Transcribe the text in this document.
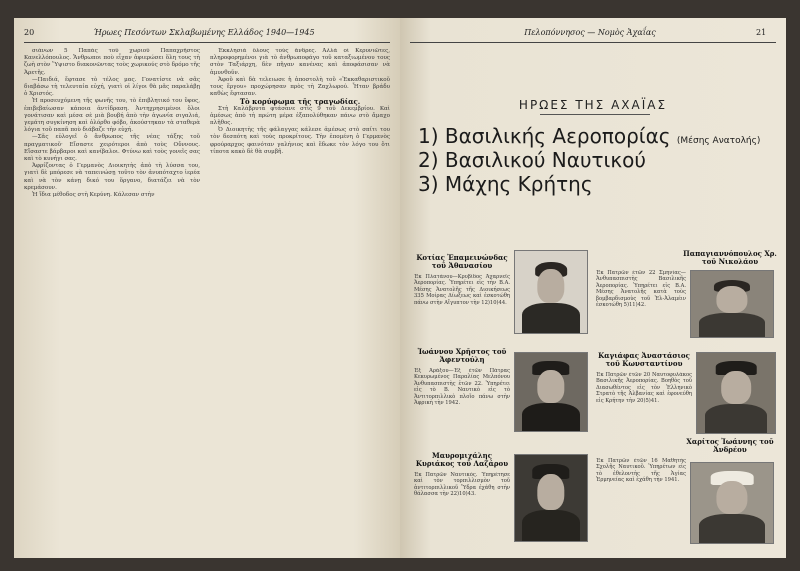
20	Ήρωες Πεσόντων Σκλαβωμένης Ελλάδος 1940—1945

σιάνων 5 Παπάς τοῦ χωριοῦ Παπαχρῆστος Κανελλόπουλος. Ἄνθρωποι ποὺ εἶχαν ἀφιερώσει ὅλη τους τὴ ζωὴ στὸν Ὕψιστο διακονῶντας τοὺς χωρικούς στὸ δρόμο τῆς Ἀρετῆς.

—Παιδιά, ἔφτασε τὸ τέλος μας. Γονατίστε νὰ σᾶς διαβάσω τὴ τελευταία εὐχή, γιατὶ οἱ λίγοι θὰ μᾶς παραλάβῃ ὁ Χριστός.

Ἡ προσευχόμενη τῆς φωνῆς του, τὸ ἐπιβλητικό του ὕφος, ἐπιβεβαίωσαν κάποια ἀντίδραση. Ἀντηχρησιμένοι ὅλοι γονάτισαν καὶ μέσα σὲ μιὰ βουβή ἀπὸ τὴν ἀγωνία σιγαλιά, γεμάτη συγκίνηση καὶ ὁλόρθο φόβο, ἀκούστηκαν τὰ σταθερὰ λόγια τοῦ παπᾶ ποὺ διάβαζε τὴν εὐχή.

—Σᾶς εὐλογεῖ ὁ ἄνθρωπος τῆς νέας τάξης τοῦ πραγματικοῦ· Εἴσαστε χειρότεροι ἀπὸ τοὺς Οὔννους. Εἴσαστε βάρβαροι καὶ κανίβαλοι. Φτύνω καὶ τοὺς γονεῖς σας καὶ τὸ κυνήγι σας.

Ἀφρίζοντας ὁ Γερμανὸς Διοικητὴς ἀπὸ τὴ λύσσα του, γιατὶ δὲ μπόρεσε νὰ ταπεινώσῃ τοῦτο τὸν ἀνυπόταχτο ἱερέα καὶ νὰ τὸν κάνῃ δικό του ὅργανο, διατάζει νὰ τὸν κρεμάσουν.

Ἡ ἴδια μέθοδος στὴ Κερύνη. Κάλεσαν στὴν

Ἐκκλησιὰ ὅλους τοὺς ἄνδρες. Ἀλλὰ οἱ Κερυνιῶτες, πληροφορημένοι γιὰ τὸ ἀνθρωποφάγο τοῦ καταξιωμένου τους στὸν Ταξιάρχη, δὲν πῆγαν κανένας καὶ ἀποφάσισαν νὰ ἀμυνθοῦν.

Ἀφοῦ καὶ δὰ τελειωσε ἡ ἀποστολὴ τοῦ «Ἐκκαθαριστικοῦ τους ἔργου» προχώρησαν πρὸς τὴ Ζαχλωρού. Ἦταν βράδυ καθὼς ἔφτασαν.

Τὸ κορύφωμα τῆς τραγωδίας.

Στὴ Καλάβρυτα φτάσανε στὶς 9 τοῦ Δεκεμβρίου. Καὶ ἀμέσως ἀπὸ τὴ πρώτη μέρα ἐξαπολύθηκαν πάνω στὸ ἄμαχο πλῆθος.

Ὁ Διοικητὴς τῆς φάλαγγας κάλεσε ἀμέσως στὸ σπίτι του τὸν δεσπότη καὶ τοὺς προκρίτους. Τὴν ἐπομένη ὁ Γερμανὸς φρούραρχος φαινόταν γαλήνιος καὶ ἔδωκε τὸν λόγο του ὅτι τίποτα κακὸ δὲ θὰ συμβῆ.

Πελοπόννησος — Νομὸς Ἀχαΐας	21
ΗΡΩΕΣ ΤΗΣ ΑΧΑΪΑΣ
1) Βασιλικής Αεροπορίας (Μέσης Ανατολής)
2) Βασιλικού Ναυτικού
3) Μάχης Κρήτης
Κοτίας Ἐπαμεινώνδας τοῦ Ἀθανασίου
Ἐκ Πλατάνου—Κρυβίδος Ἀχαρνεῖς Ἀεροπορίας. Ὑπηρέτει εἰς τὴν Β.Α. Μέσης Ἀνατολῆς τῆς Διοικήσεως 335 Μοίρας Δίωξεως καὶ ἐσκοτώθη πάνω στὴν Αἴγυπτον τὴν 12)10)44.
Παπαγιαννόπουλος Χρ. τοῦ Νικολάου
Ἐκ Πατρῶν ἐτῶν 22 Σμηνίας—Ἀνθυπασπιστὴς Βασιλικῆς Ἀεροπορίας. Ὑπηρέτει εἰς Β.Α. Μέσης Ἀνατολῆς κατὰ τοὺς βομβαρδισμοὺς τοῦ Ἐλ-Ἀλαμέιν ἐσκοτώθη 5)11)42.
Ἰωάννου Χρῆστος τοῦ Ἀφεντούλη
Ἐξ Ἀράξου—Ἐξ ἐτῶν Πάτρας Κεκυρωμένος Παραλίας Μελπόνου Ἀνθυπασπιστὴς ἐτῶν 22. Ὑπηρέτει εἰς τὸ Β. Ναυτικὸ εἰς τὸ Ἀντιτορπιλλικὸ πλοῖο πάνω στὴν Ἀφρικὴ τὴν 1942.
Καγιάφας Ἀναστάσιος τοῦ Κωνσταντίνου
Ἐκ Πατρῶν ἐτῶν 20 Ναυτοφυλάκος Βασιλικῆς Ἀεροπορίας. Βοηθὸς τοῦ Διασωθέντος εἰς τὸν Ἑλληνικὸ Στρατὸ τῆς Ἀλβανίας καὶ ἐφονεύθη εἰς Κρήτην τὴν 20)5)41.
Μαυρομιχάλης Κυριάκος τοῦ Λαζάρου
Ἐκ Πατρῶν Ναυτικὸς. Ὑπηρέτησε καὶ τὸν τορπιλλισμὸν τοῦ ἀντιτορπιλλικοῦ Ὕδρα ἐχάθη στὴν θάλασσα τὴν 22)10)43.
Χαρίτος Ἰωάννης τοῦ Ἀνδρέου
Ἐκ Πατρῶν ἐτῶν 16 Μαθητὴς Σχολῆς Ναυτικοῦ. Ὑπηρέτων εἰς τὸ ἐθελοντὴς τῆς Ἁγίας Ἑρμηνείας καὶ ἐχάθη τὴν 1941.
